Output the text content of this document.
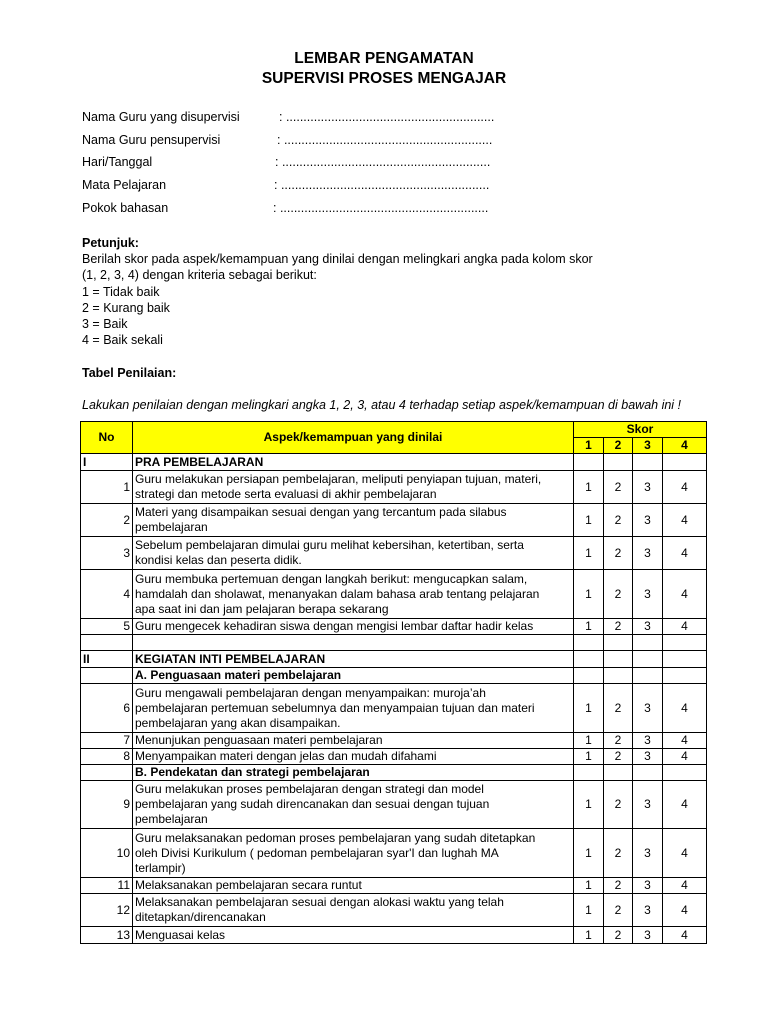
LEMBAR PENGAMATAN
SUPERVISI PROSES MENGAJAR
Nama Guru yang disupervisi	: ............................................................
Nama Guru pensupervisi	: ............................................................
Hari/Tanggal	: ............................................................
Mata Pelajaran	: ............................................................
Pokok bahasan	: ............................................................
Petunjuk:
Berilah skor pada aspek/kemampuan yang dinilai dengan melingkari angka pada kolom skor
(1, 2, 3, 4) dengan kriteria sebagai berikut:
1 = Tidak baik
2 = Kurang baik
3 = Baik
4 = Baik sekali
Tabel Penilaian:
Lakukan penilaian dengan melingkari angka 1, 2, 3, atau 4 terhadap setiap aspek/kemampuan di bawah ini !
No	Aspek/kemampuan yang dinilai	Skor			
		1	2	3	4
I	PRA PEMBELAJARAN				
1	Guru melakukan persiapan pembelajaran, meliputi penyiapan tujuan, materi,
strategi dan metode serta evaluasi di akhir pembelajaran	1	2	3	4
2	Materi yang disampaikan sesuai dengan yang tercantum pada silabus
pembelajaran	1	2	3	4
3	Sebelum pembelajaran dimulai guru melihat kebersihan, ketertiban, serta
kondisi kelas dan peserta didik.	1	2	3	4
4	Guru membuka pertemuan dengan langkah berikut: mengucapkan salam,
hamdalah dan sholawat, menanyakan dalam bahasa arab tentang pelajaran
apa saat ini dan jam pelajaran berapa sekarang	1	2	3	4
5	Guru mengecek kehadiran siswa dengan mengisi lembar daftar hadir kelas	1	2	3	4

II	KEGIATAN INTI PEMBELAJARAN				
	A. Penguasaan materi pembelajaran				
6	Guru mengawali pembelajaran dengan menyampaikan: muroja’ah
pembelajaran pertemuan sebelumnya dan menyampaian tujuan dan materi
pembelajaran yang akan disampaikan.	1	2	3	4
7	Menunjukan penguasaan materi pembelajaran	1	2	3	4
8	Menyampaikan materi dengan jelas dan mudah difahami	1	2	3	4
	B. Pendekatan dan strategi pembelajaran				
9	Guru melakukan proses pembelajaran dengan strategi dan model
pembelajaran yang sudah direncanakan dan sesuai dengan tujuan
pembelajaran	1	2	3	4
10	Guru melaksanakan pedoman proses pembelajaran yang sudah ditetapkan
oleh Divisi Kurikulum ( pedoman pembelajaran syar'I dan lughah MA
terlampir)	1	2	3	4
11	Melaksanakan pembelajaran secara runtut	1	2	3	4
12	Melaksanakan pembelajaran sesuai dengan alokasi waktu yang telah
ditetapkan/direncanakan	1	2	3	4
13	Menguasai kelas	1	2	3	4
